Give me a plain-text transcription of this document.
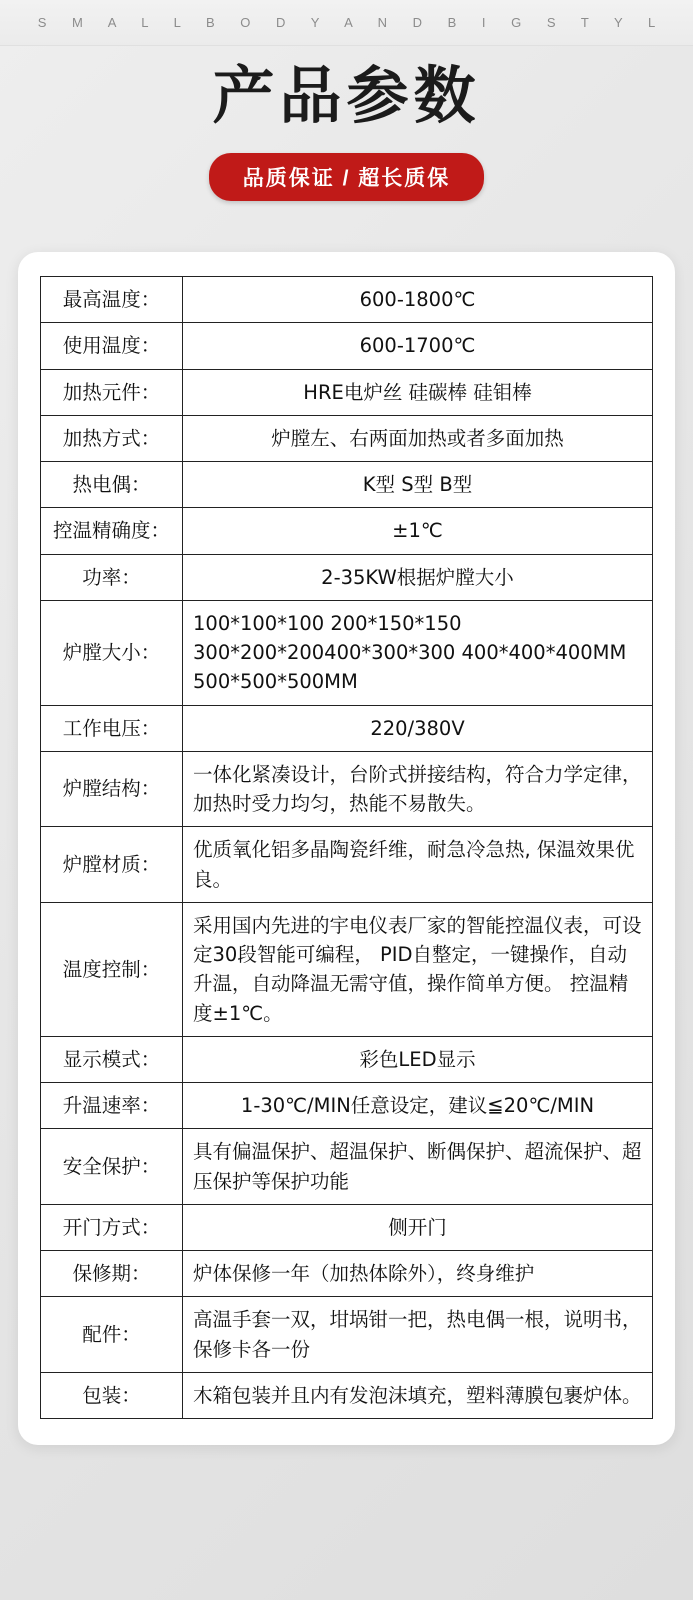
S M A L L B O D Y A N D B I G S T Y L
产品参数
品质保证 / 超长质保
最高温度：	600-1800℃
使用温度：	600-1700℃
加热元件：	HRE电炉丝 硅碳棒 硅钼棒
加热方式：	炉膛左、右两面加热或者多面加热
热电偶：	K型 S型 B型
控温精确度：	±1℃
功率：	2-35KW根据炉膛大小
炉膛大小：	100*100*100 200*150*150 300*200*200400*300*300 400*400*400MM 500*500*500MM
工作电压：	220/380V
炉膛结构：	一体化紧凑设计，台阶式拼接结构，符合力学定律，加热时受力均匀，热能不易散失。
炉膛材质：	优质氧化铝多晶陶瓷纤维，耐急冷急热, 保温效果优良。
温度控制：	采用国内先进的宇电仪表厂家的智能控温仪表，可设定30段智能可编程， PID自整定，一键操作，自动升温，自动降温无需守值，操作简单方便。 控温精度±1℃。
显示模式：	彩色LED显示
升温速率：	1-30℃/MIN任意设定，建议≦20℃/MIN
安全保护：	具有偏温保护、超温保护、断偶保护、超流保护、超压保护等保护功能
开门方式：	侧开门
保修期：	炉体保修一年（加热体除外），终身维护
配件：	高温手套一双，坩埚钳一把，热电偶一根，说明书，保修卡各一份
包装：	木箱包装并且内有发泡沫填充，塑料薄膜包裹炉体。
